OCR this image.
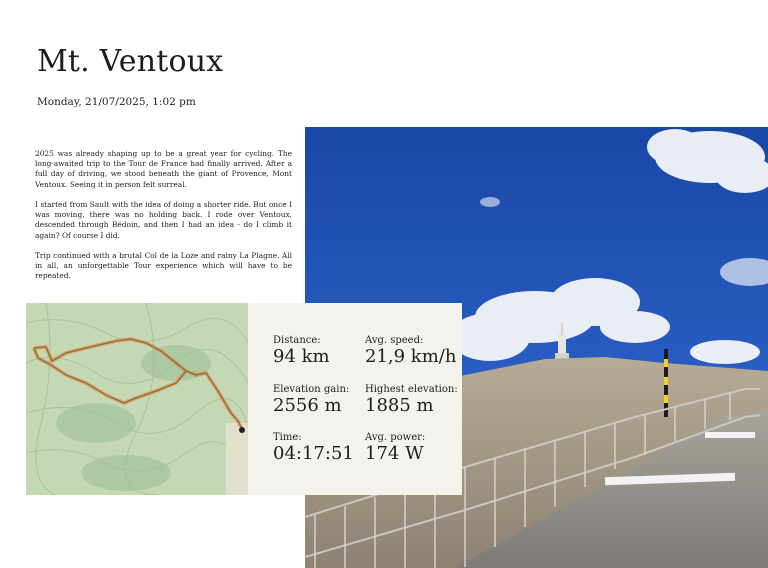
Mt. Ventoux
Monday, 21/07/2025, 1:02 pm

2025 was already shaping up to be a great year for cycling. The long-awaited trip to the Tour de France had finally arrived. After a full day of driving, we stood beneath the giant of Provence, Mont Ventoux. Seeing it in person felt surreal.

I started from Sault with the idea of doing a shorter ride. But once I was moving, there was no holding back. I rode over Ventoux, descended through Bédoin, and then I had an idea - do I climb it again? Of course I did.

Trip continued with a brutal Col de la Loze and rainy La Plagne. All in all, an unforgettable Tour experience which will have to be repeated.

Distance:
94 km
Avg. speed:
21,9 km/h
Elevation gain:
2556 m
Highest elevation:
1885 m
Time:
04:17:51
Avg. power:
174 W
